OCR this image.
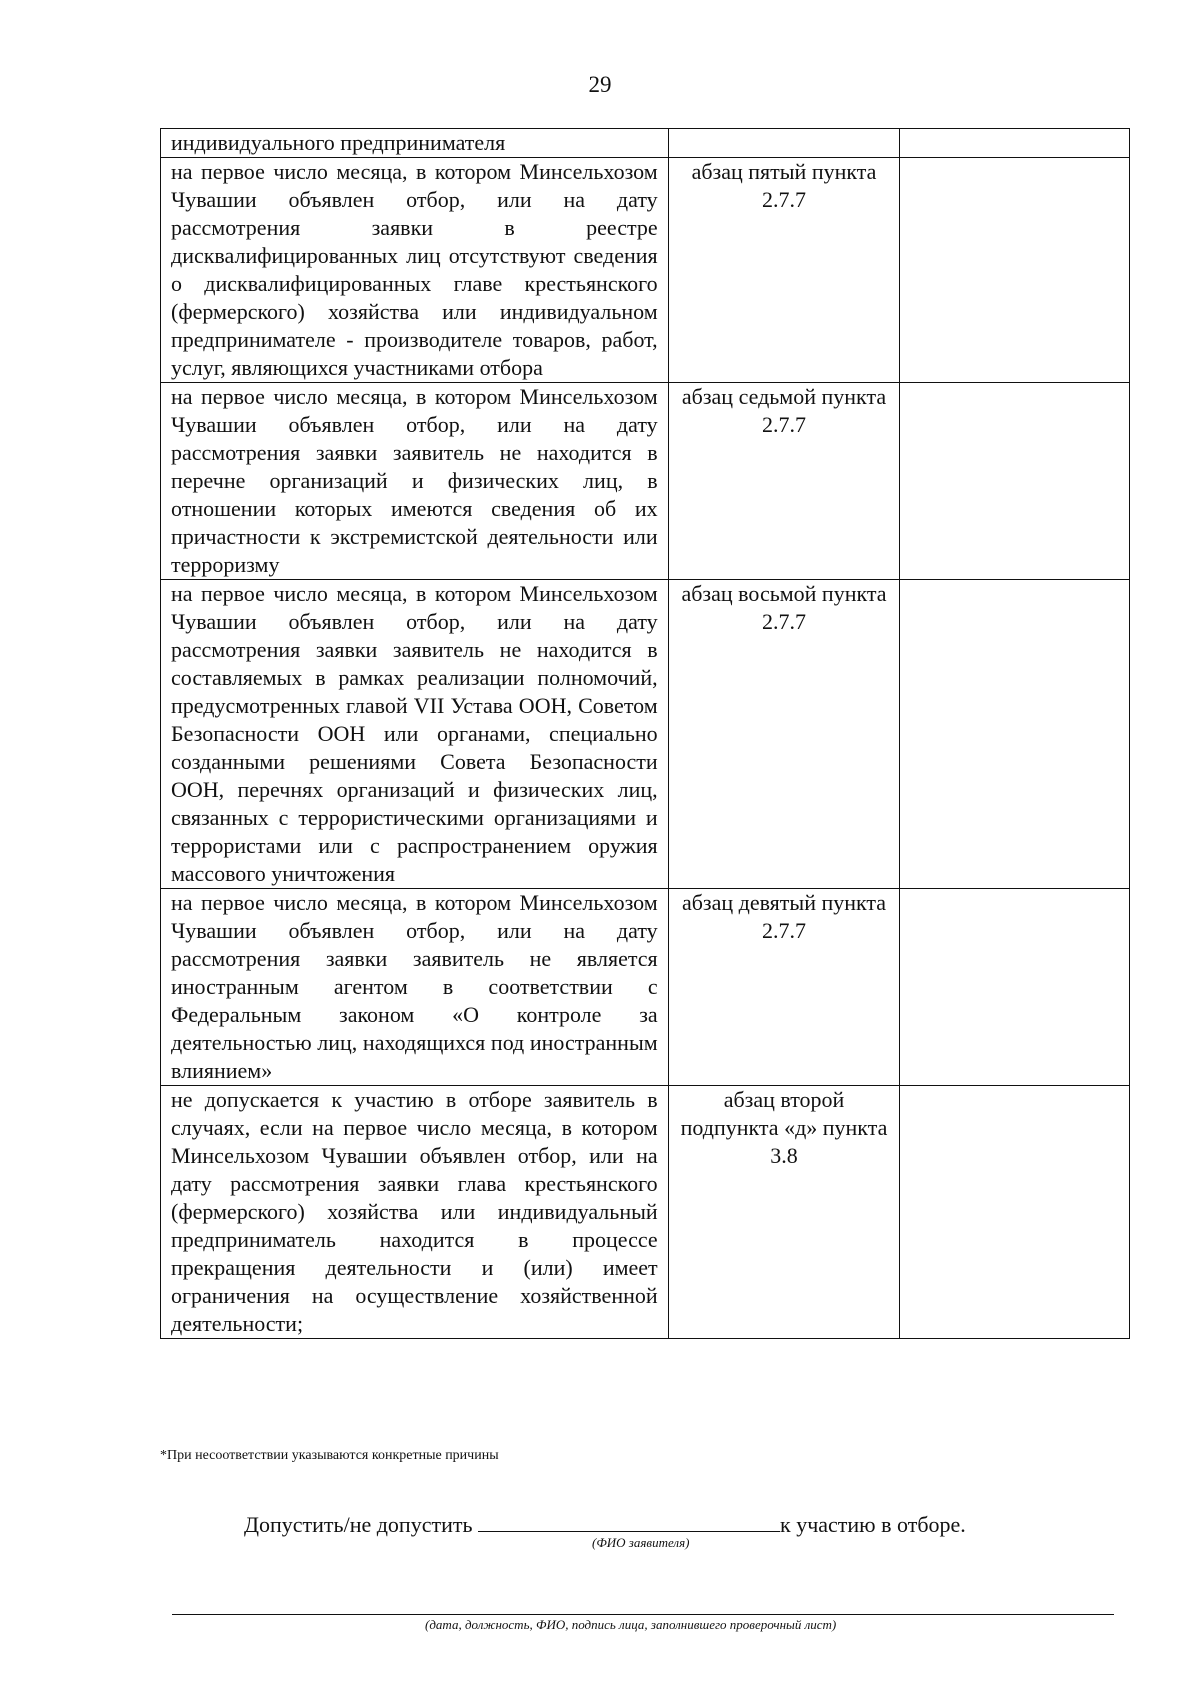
29
индивидуального предпринимателя		
на первое число месяца, в котором Минсельхозом Чувашии объявлен отбор, или на дату рассмотрения заявки в реестре дисквалифицированных лиц отсутствуют сведения о дисквалифицированных главе крестьянского (фермерского) хозяйства или индивидуальном предпринимателе - производителе товаров, работ, услуг, являющихся участниками отбора	абзац пятый пункта 2.7.7	
на первое число месяца, в котором Минсельхозом Чувашии объявлен отбор, или на дату рассмотрения заявки заявитель не находится в перечне организаций и физических лиц, в отношении которых имеются сведения об их причастности к экстремистской деятельности или терроризму	абзац седьмой пункта 2.7.7	
на первое число месяца, в котором Минсельхозом Чувашии объявлен отбор, или на дату рассмотрения заявки заявитель не находится в составляемых в рамках реализации полномочий, предусмотренных главой VII Устава ООН, Советом Безопасности ООН или органами, специально созданными решениями Совета Безопасности ООН, перечнях организаций и физических лиц, связанных с террористическими организациями и террористами или с распространением оружия массового уничтожения	абзац восьмой пункта 2.7.7	
на первое число месяца, в котором Минсельхозом Чувашии объявлен отбор, или на дату рассмотрения заявки заявитель не является иностранным агентом в соответствии с Федеральным законом «О контроле за деятельностью лиц, находящихся под иностранным влиянием»	абзац девятый пункта 2.7.7	
не допускается к участию в отборе заявитель в случаях, если на первое число месяца, в котором Минсельхозом Чувашии объявлен отбор, или на дату рассмотрения заявки глава крестьянского (фермерского) хозяйства или индивидуальный предприниматель находится в процессе прекращения деятельности и (или) имеет ограничения на осуществление хозяйственной деятельности;	абзац второй подпункта «д» пункта 3.8	
*При несоответствии указываются конкретные причины
Допустить/не допустить	к участию в отборе.
(ФИО заявителя)
(дата, должность, ФИО, подпись лица, заполнившего проверочный лист)
